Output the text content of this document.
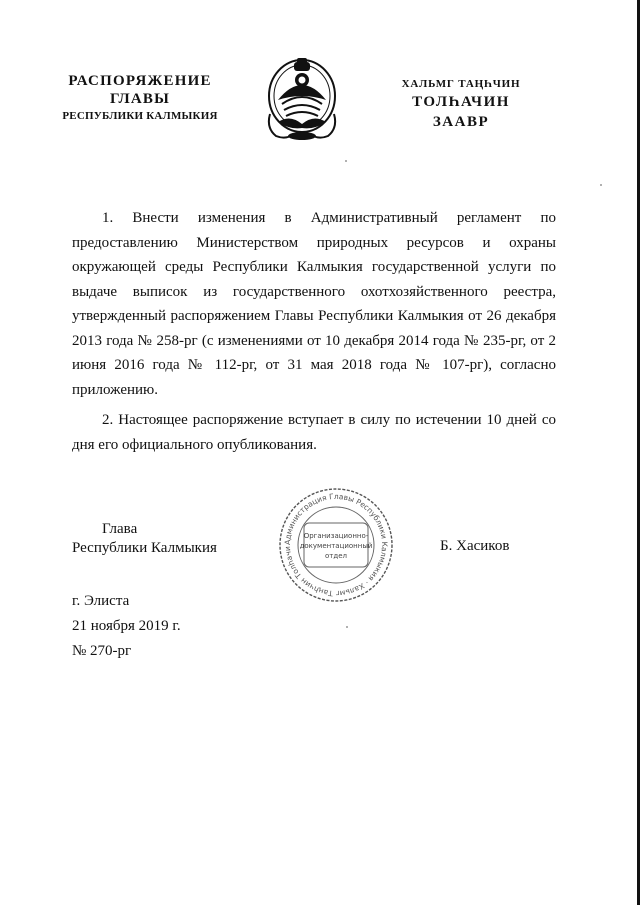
РАСПОРЯЖЕНИЕ
ГЛАВЫ
РЕСПУБЛИКИ КАЛМЫКИЯ
ХАЛЬМГ ТАҢҺЧИН
ТОЛҺАЧИН
ЗААВР

1. Внести изменения в Административный регламент по предоставлению Министерством природных ресурсов и охраны окружающей среды Республики Калмыкия государственной услуги по выдаче выписок из государственного охотхозяйственного реестра, утвержденный распоряжением Главы Республики Калмыкия от 26 декабря 2013 года № 258-рг (с изменениями от 10 декабря 2014 года № 235-рг, от 2 июня 2016 года № 112-рг, от 31 мая 2018 года № 107-рг), согласно приложению.

2. Настоящее распоряжение вступает в силу по истечении 10 дней со дня его официального опубликования.

Глава
Республики Калмыкия	Администрация Главы Республики Калмыкия · Хальмг Таңһчин Толһачи
Организационно-
документационный
отдел
Б. Хасиков
г. Элиста
21 ноября 2019 г.
№ 270-рг
